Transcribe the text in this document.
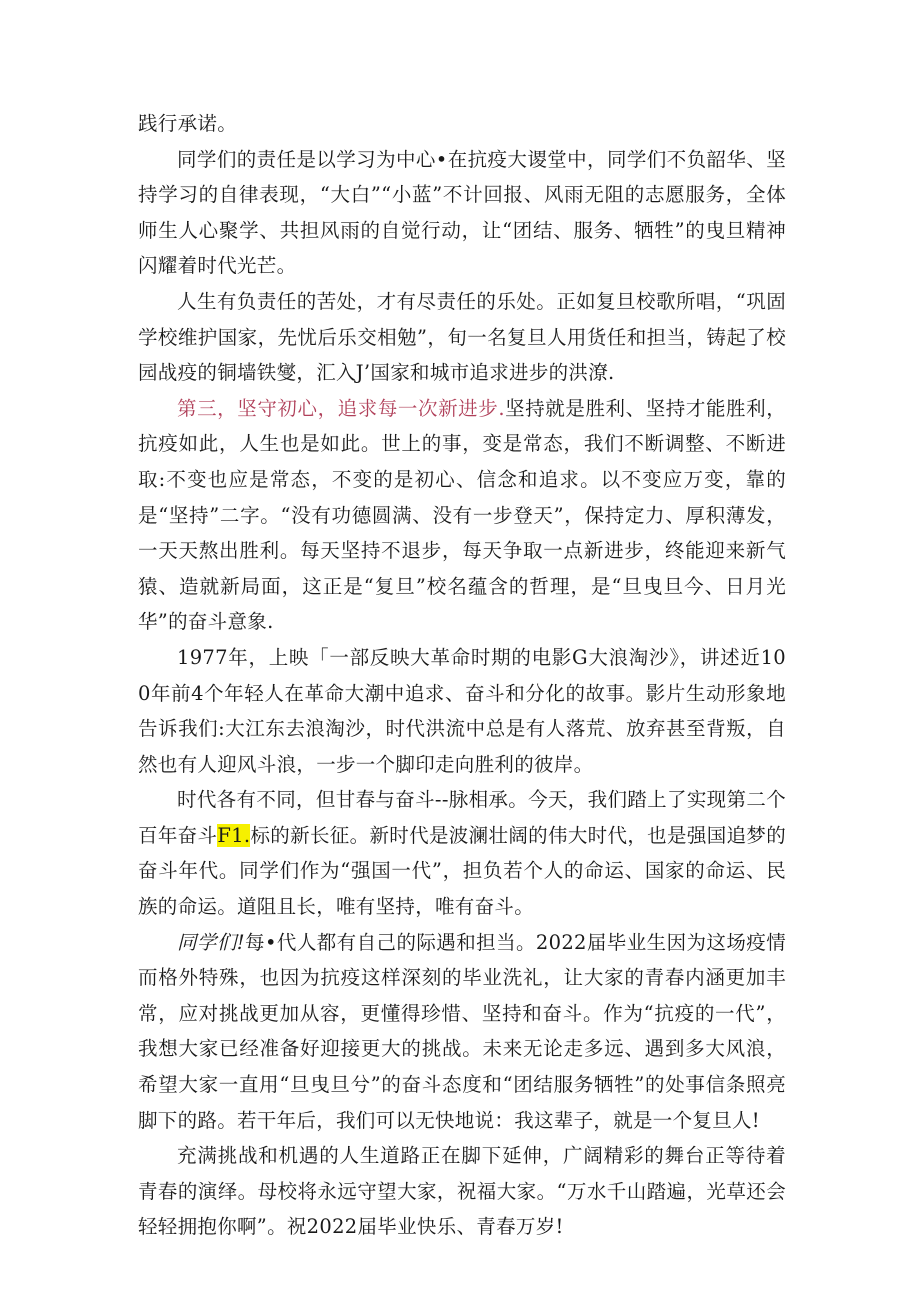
践行承诺。

同学们的责任是以学习为中心•在抗疫大谡堂中，同学们不负韶华、坚持学习的自律表现，“大白”“小蓝”不计回报、风雨无阻的志愿服务，全体师生人心聚学、共担风雨的自觉行动，让“团结、服务、牺牲”的曳旦精神闪耀着时代光芒。

人生有负责任的苦处，才有尽责任的乐处。正如复旦校歌所唱，“巩固学校维护国家，先忧后乐交相勉”，旬一名复旦人用货任和担当，铸起了校园战疫的铜墙铁燮，汇入J’国家和城市追求进步的洪潦.

第三，坚守初心，追求每一次新进步.坚持就是胜利、坚持才能胜利，抗疫如此，人生也是如此。世上的事，变是常态，我们不断调整、不断进取:不变也应是常态，不变的是初心、信念和追求。以不变应万变，靠的是“坚持”二字。“没有功德圆满、没有一步登天”，保持定力、厚积薄发，一天天熬出胜利。每天坚持不退步，每天争取一点新进步，终能迎来新气猿、造就新局面，这正是“复旦”校名蕴含的哲理，是“旦曳旦今、日月光华”的奋斗意象.

1977年，上映「一部反映大革命时期的电影G大浪淘沙》，讲述近100年前4个年轻人在革命大潮中追求、奋斗和分化的故事。影片生动形象地告诉我们:大江东去浪淘沙，时代洪流中总是有人落荒、放弃甚至背叛，自然也有人迎风斗浪，一步一个脚印走向胜利的彼岸。

时代各有不同，但甘春与奋斗--脉相承。今天，我们踏上了实现第二个百年奋斗F1.标的新长征。新时代是波澜壮阔的伟大时代，也是强国追梦的奋斗年代。同学们作为“强国一代”，担负若个人的命运、国家的命运、民族的命运。道阻且长，唯有坚持，唯有奋斗。

同学们!每•代人都有自己的际遇和担当。2022届毕业生因为这场疫情而格外特殊，也因为抗疫这样深刻的毕业洗礼，让大家的青春内涵更加丰常，应对挑战更加从容，更懂得珍惜、坚持和奋斗。作为“抗疫的一代”，我想大家已经准备好迎接更大的挑战。未来无论走多远、遇到多大风浪，希望大家一直用“旦曳旦兮”的奋斗态度和“团结服务牺牲”的处事信条照亮脚下的路。若干年后，我们可以无快地说：我这辈子，就是一个复旦人!

充满挑战和机遇的人生道路正在脚下延伸，广阔精彩的舞台正等待着青春的演绎。母校将永远守望大家，祝福大家。“万水千山踏遍，光草还会轻轻拥抱你啊”。祝2022届毕业快乐、青春万岁!
